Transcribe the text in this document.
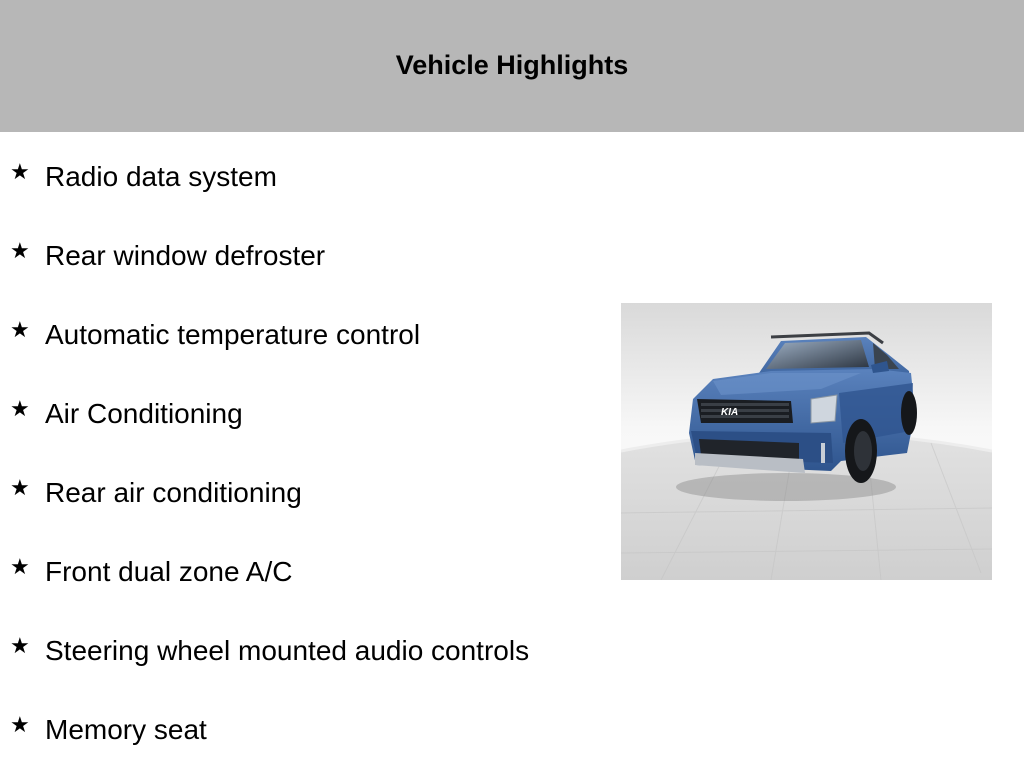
Vehicle Highlights
★ Radio data system
★ Rear window defroster
★ Automatic temperature control
★ Air Conditioning
★ Rear air conditioning
★ Front dual zone A/C
★ Steering wheel mounted audio controls
★ Memory seat
KIA
